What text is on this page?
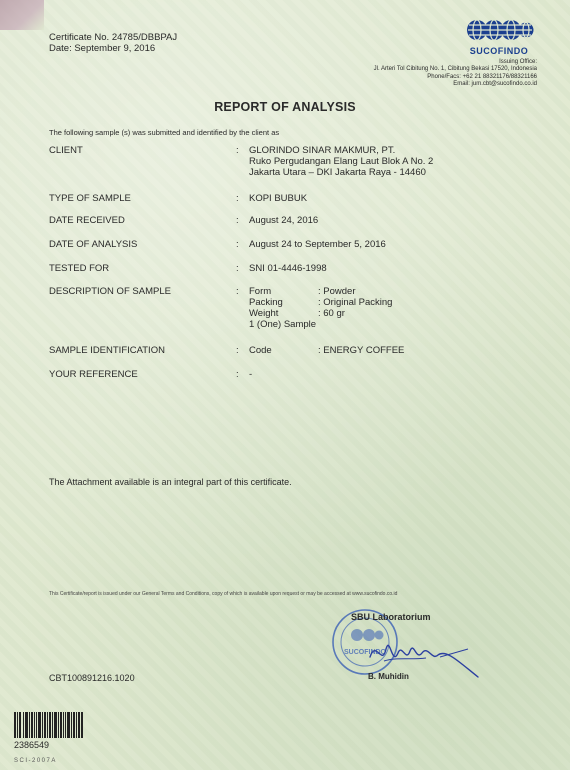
Certificate No. 24785/DBBPAJ
Date: September 9, 2016	SUCOFINDO
Issuing Office:
Jl. Arteri Tol Cibitung No. 1, Cibitung Bekasi 17520, Indonesia
Phone/Facs: +62 21 88321176/88321166
Email: jum.cbt@sucofindo.co.id
REPORT OF ANALYSIS
The following sample (s) was submitted and identified by the client as
CLIENT	: GLORINDO SINAR MAKMUR, PT.
Ruko Pergudangan Elang Laut Blok A No. 2
Jakarta Utara – DKI Jakarta Raya - 14460
TYPE OF SAMPLE	: KOPI BUBUK
DATE RECEIVED	: August 24, 2016
DATE OF ANALYSIS	: August 24 to September 5, 2016
TESTED FOR	: SNI 01-4446-1998
DESCRIPTION OF SAMPLE	: Form	: Powder
Packing	: Original Packing
Weight	: 60 gr
1 (One) Sample
SAMPLE IDENTIFICATION	: Code	: ENERGY COFFEE
YOUR REFERENCE	: -
The Attachment available is an integral part of this certificate.
This Certificate/report is issued under our General Terms and Conditions, copy of which is available upon request or may be accessed at www.sucofindo.co.id
SUCOFINDO
SBU Laboratorium
B. Muhidin
CBT100891216.1020
2386549
SCI-2007A
